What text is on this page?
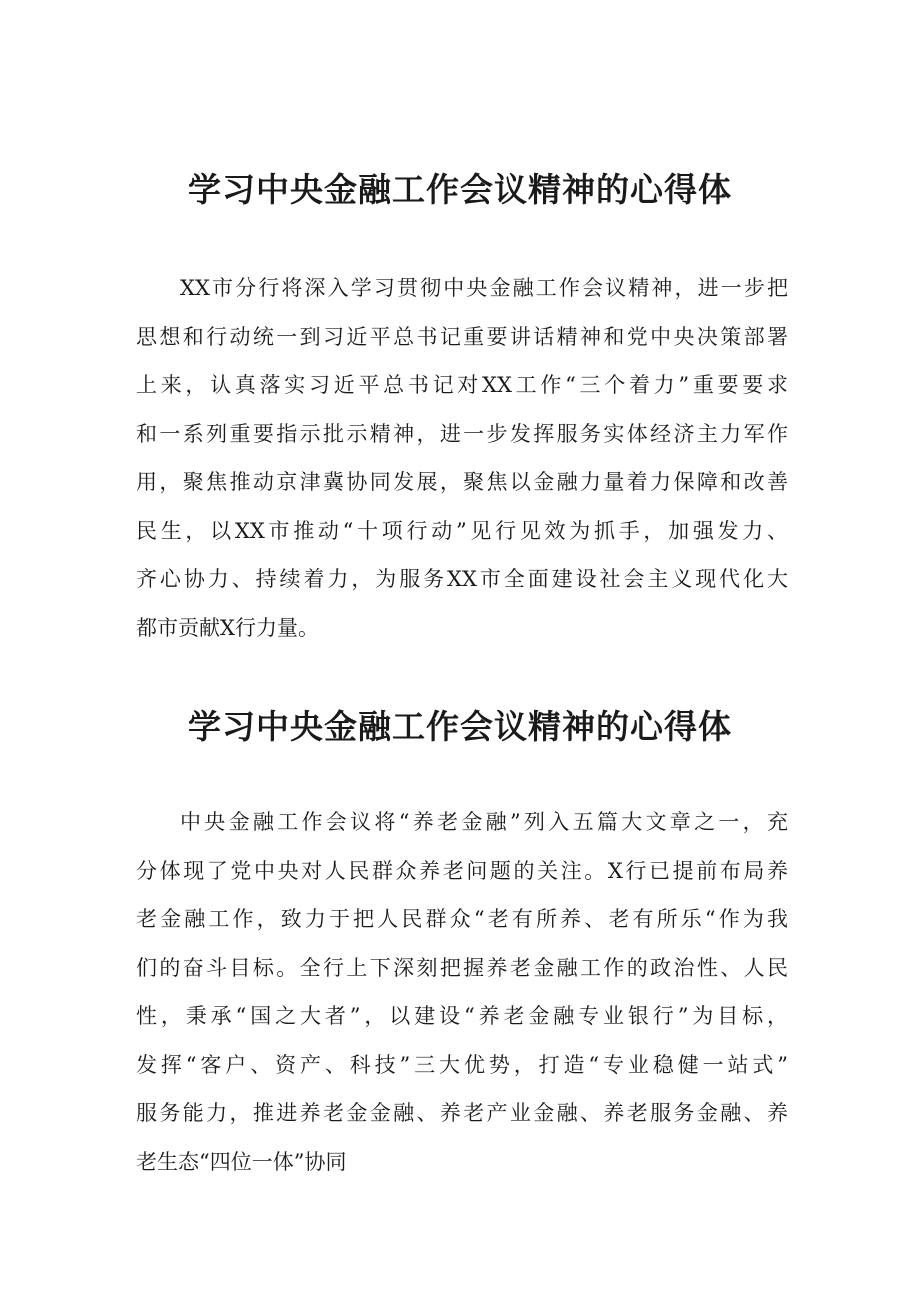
学习中央金融工作会议精神的心得体
XX市分行将深入学习贯彻中央金融工作会议精神，进一步把
思想和行动统一到习近平总书记重要讲话精神和党中央决策部署
上来，认真落实习近平总书记对XX工作“三个着力”重要要求
和一系列重要指示批示精神，进一步发挥服务实体经济主力军作
用，聚焦推动京津冀协同发展，聚焦以金融力量着力保障和改善
民生，以XX市推动“十项行动”见行见效为抓手，加强发力、
齐心协力、持续着力，为服务XX市全面建设社会主义现代化大
都市贡献X行力量。
学习中央金融工作会议精神的心得体
中央金融工作会议将“养老金融”列入五篇大文章之一，充
分体现了党中央对人民群众养老问题的关注。X行已提前布局养
老金融工作，致力于把人民群众“老有所养、老有所乐“作为我
们的奋斗目标。全行上下深刻把握养老金融工作的政治性、人民
性，秉承“国之大者”，以建设“养老金融专业银行”为目标，
发挥“客户、资产、科技”三大优势，打造“专业稳健一站式”
服务能力，推进养老金金融、养老产业金融、养老服务金融、养
老生态“四位一体”协同
